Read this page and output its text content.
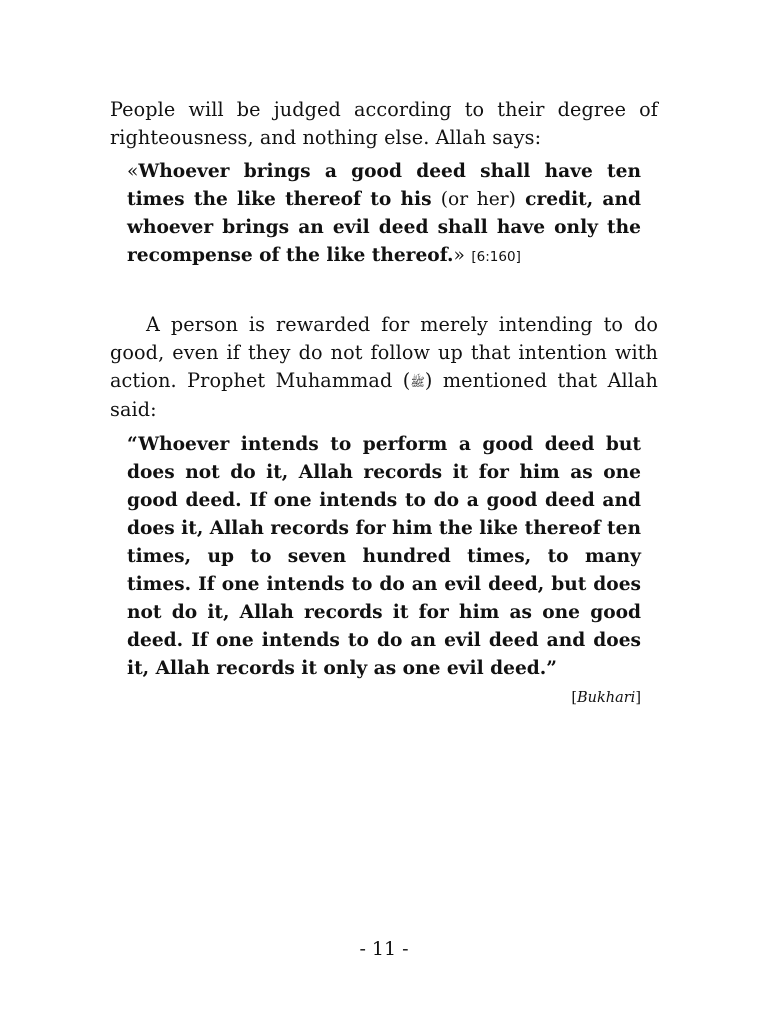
People will be judged according to their degree of righteousness, and nothing else. Allah says:

«Whoever brings a good deed shall have ten times the like thereof to his (or her) credit, and whoever brings an evil deed shall have only the recompense of the like thereof.» [6:160]

A person is rewarded for merely intending to do good, even if they do not follow up that intention with action. Prophet Muhammad (ﷺ) mentioned that Allah said:

“Whoever intends to perform a good deed but does not do it, Allah records it for him as one good deed. If one intends to do a good deed and does it, Allah records for him the like thereof ten times, up to seven hundred times, to many times. If one intends to do an evil deed, but does not do it, Allah records it for him as one good deed. If one intends to do an evil deed and does it, Allah records it only as one evil deed.”

[Bukhari]
- 11 -
